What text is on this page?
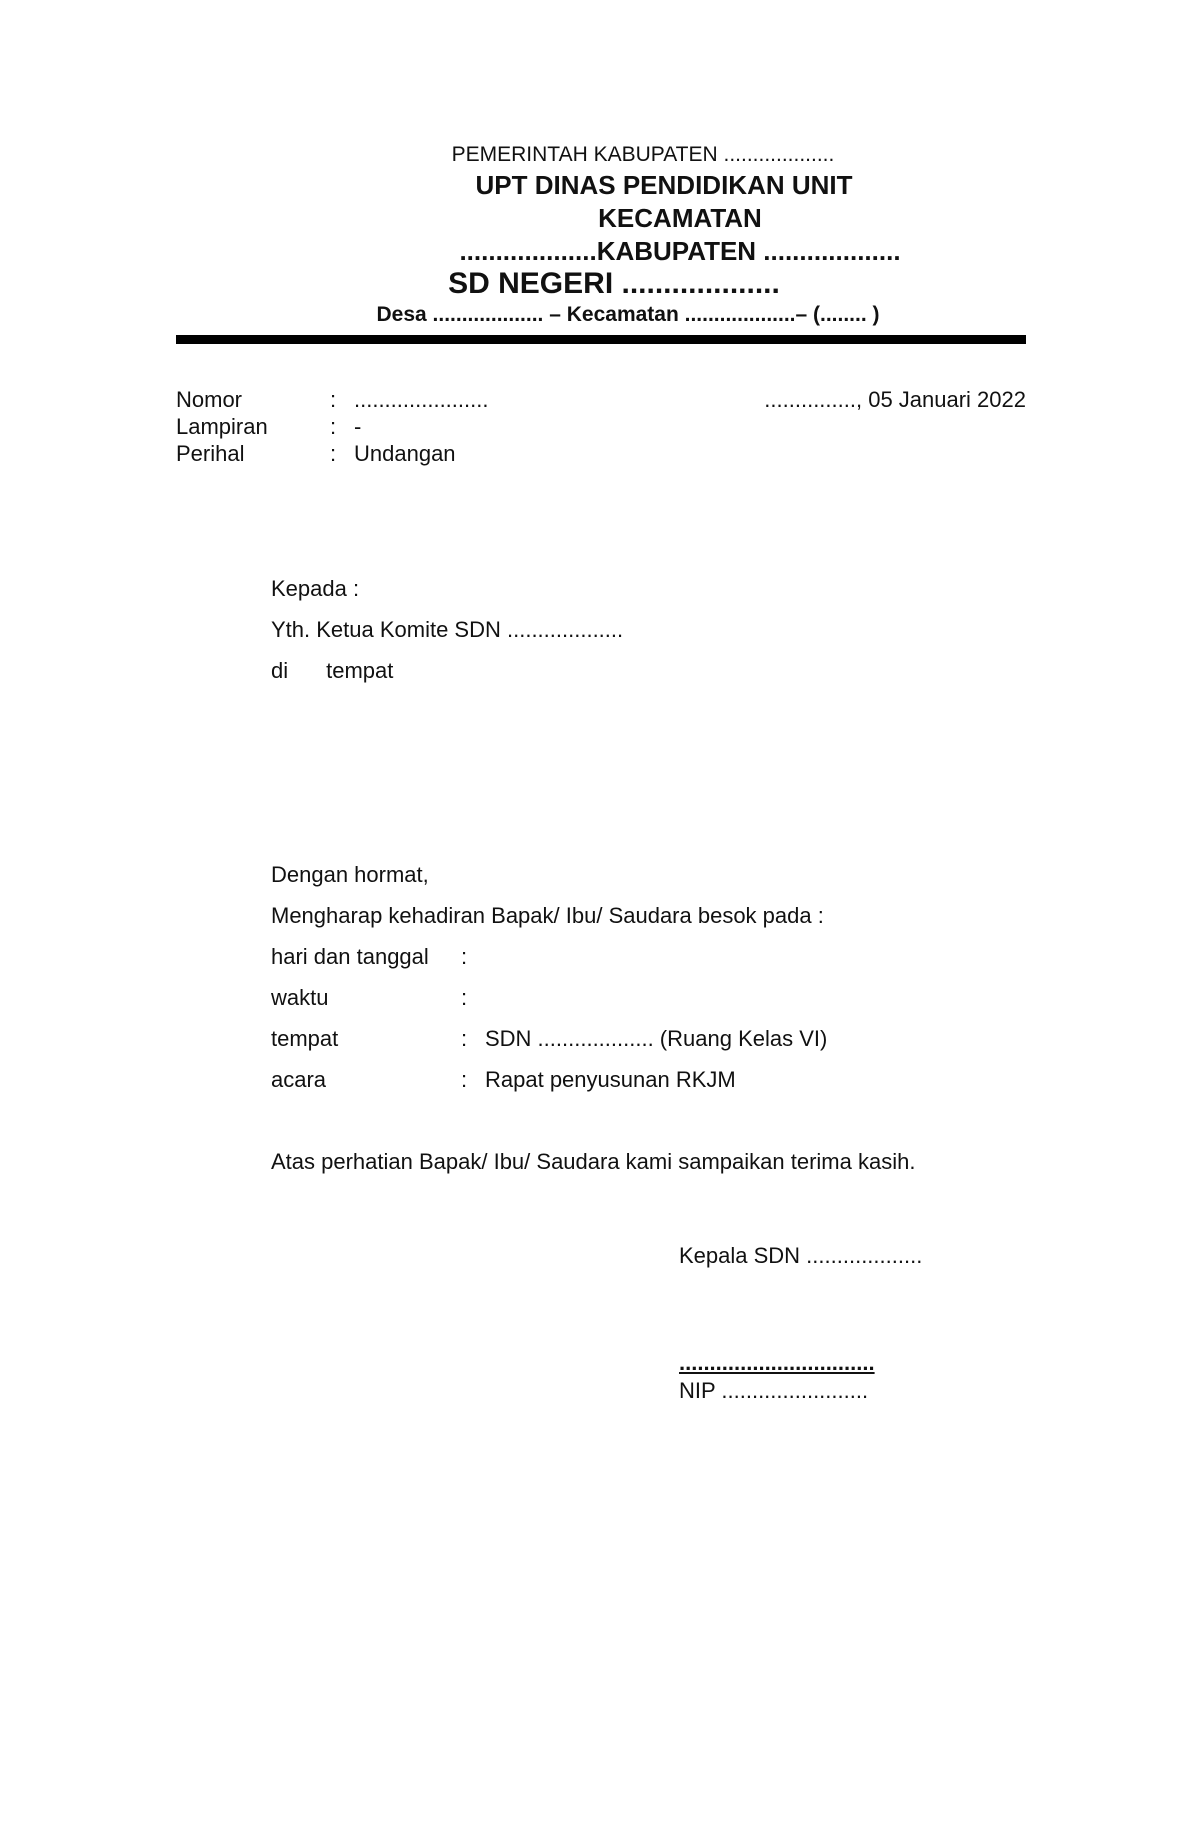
PEMERINTAH KABUPATEN ...................
UPT DINAS PENDIDIKAN UNIT
KECAMATAN
...................KABUPATEN ...................
SD NEGERI ...................
Desa ................... – Kecamatan ...................– (........ )
Nomor	: ......................	..............., 05 Januari 2022
Lampiran	: -
Perihal	: Undangan
Kepada :
Yth. Ketua Komite SDN ...................
di tempat
Dengan hormat,
Mengharap kehadiran Bapak/ Ibu/ Saudara besok pada :
hari dan tanggal :
waktu	:
tempat	: SDN ................... (Ruang Kelas VI)
acara	: Rapat penyusunan RKJM
Atas perhatian Bapak/ Ibu/ Saudara kami sampaikan terima kasih.
Kepala SDN ...................
................................
NIP ........................
